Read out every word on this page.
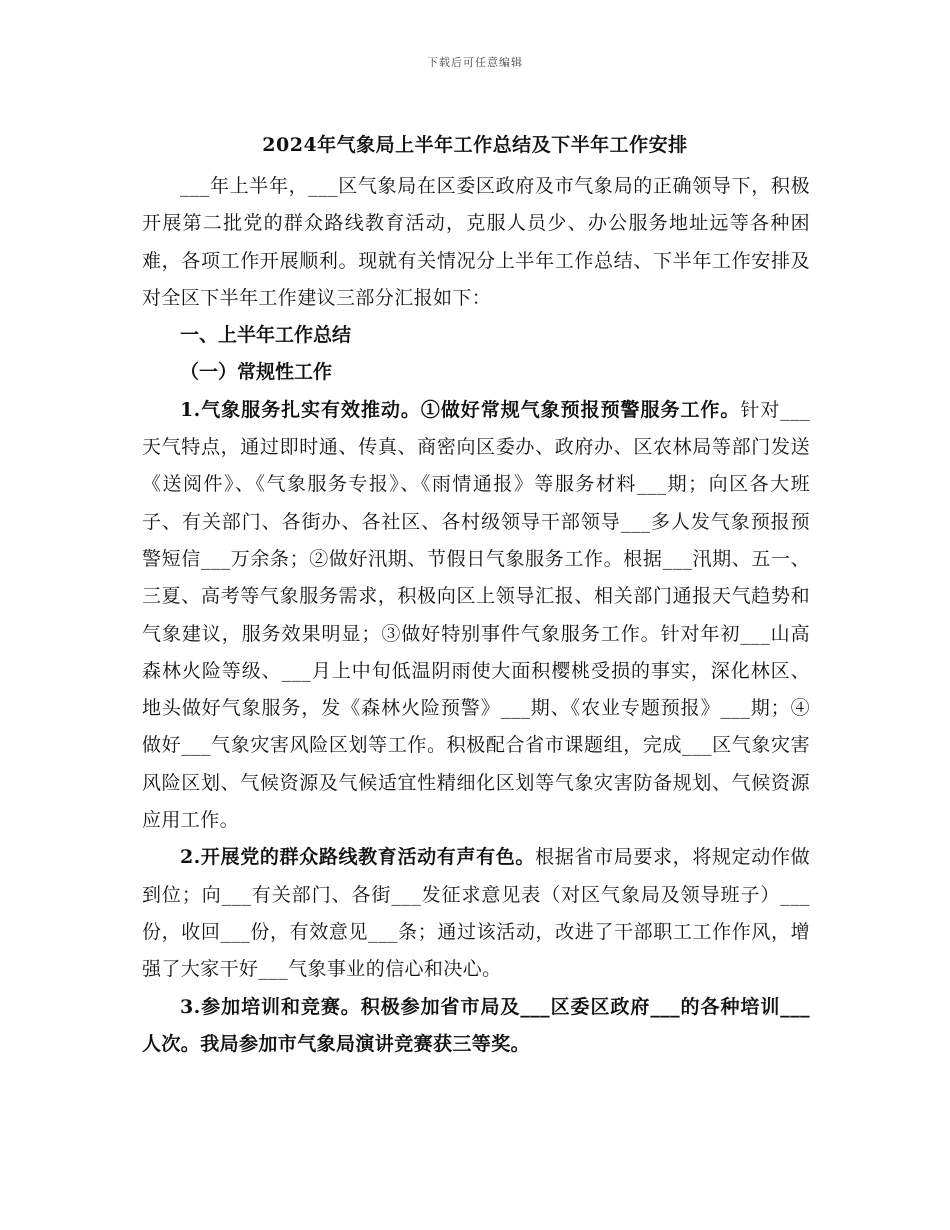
下载后可任意编辑
2024年气象局上半年工作总结及下半年工作安排

___年上半年，___区气象局在区委区政府及市气象局的正确领导下，积极开展第二批党的群众路线教育活动，克服人员少、办公服务地址远等各种困难，各项工作开展顺利。现就有关情况分上半年工作总结、下半年工作安排及对全区下半年工作建议三部分汇报如下：

一、上半年工作总结

（一）常规性工作

1.气象服务扎实有效推动。①做好常规气象预报预警服务工作。针对___天气特点，通过即时通、传真、商密向区委办、政府办、区农林局等部门发送《送阅件》、《气象服务专报》、《雨情通报》等服务材料___期；向区各大班子、有关部门、各街办、各社区、各村级领导干部领导___多人发气象预报预警短信___万余条；②做好汛期、节假日气象服务工作。根据___汛期、五一、三夏、高考等气象服务需求，积极向区上领导汇报、相关部门通报天气趋势和气象建议，服务效果明显；③做好特别事件气象服务工作。针对年初___山高森林火险等级、___月上中旬低温阴雨使大面积樱桃受损的事实，深化林区、地头做好气象服务，发《森林火险预警》___期、《农业专题预报》___期；④做好___气象灾害风险区划等工作。积极配合省市课题组，完成___区气象灾害风险区划、气候资源及气候适宜性精细化区划等气象灾害防备规划、气候资源应用工作。

2.开展党的群众路线教育活动有声有色。根据省市局要求，将规定动作做到位；向___有关部门、各街___发征求意见表（对区气象局及领导班子）___份，收回___份，有效意见___条；通过该活动，改进了干部职工工作作风，增强了大家干好___气象事业的信心和决心。

3.参加培训和竞赛。积极参加省市局及___区委区政府___的各种培训___人次。我局参加市气象局演讲竞赛获三等奖。
